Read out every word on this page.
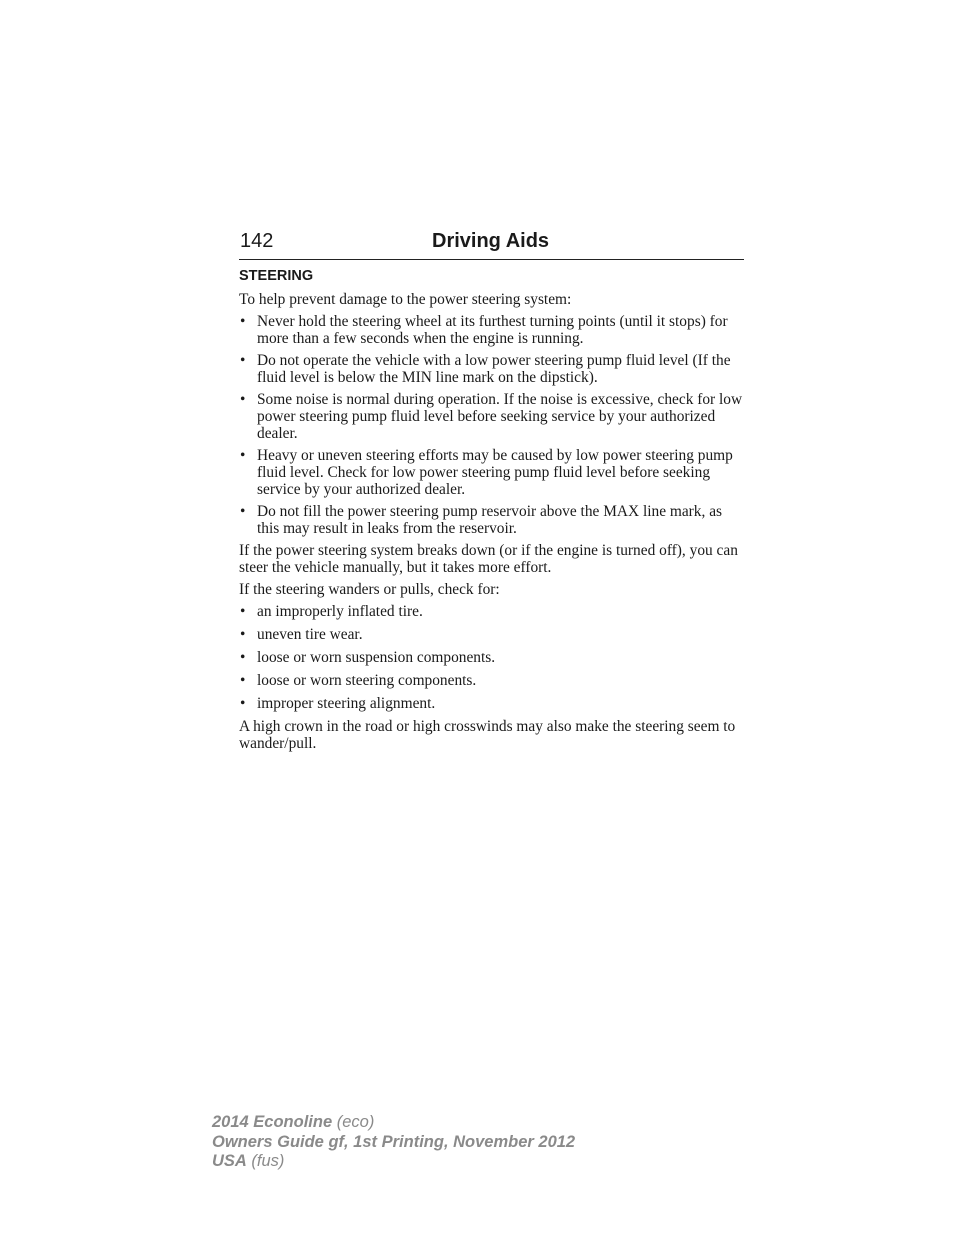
142	Driving Aids
STEERING

To help prevent damage to the power steering system:

• Never hold the steering wheel at its furthest turning points (until it stops) for more than a few seconds when the engine is running.
• Do not operate the vehicle with a low power steering pump fluid level (If the fluid level is below the MIN line mark on the dipstick).
• Some noise is normal during operation. If the noise is excessive, check for low power steering pump fluid level before seeking service by your authorized dealer.
• Heavy or uneven steering efforts may be caused by low power steering pump fluid level. Check for low power steering pump fluid level before seeking service by your authorized dealer.
• Do not fill the power steering pump reservoir above the MAX line mark, as this may result in leaks from the reservoir.

If the power steering system breaks down (or if the engine is turned off), you can steer the vehicle manually, but it takes more effort.

If the steering wanders or pulls, check for:

• an improperly inflated tire.
• uneven tire wear.
• loose or worn suspension components.
• loose or worn steering components.
• improper steering alignment.

A high crown in the road or high crosswinds may also make the steering seem to wander/pull.

2014 Econoline (eco)
Owners Guide gf, 1st Printing, November 2012
USA (fus)
